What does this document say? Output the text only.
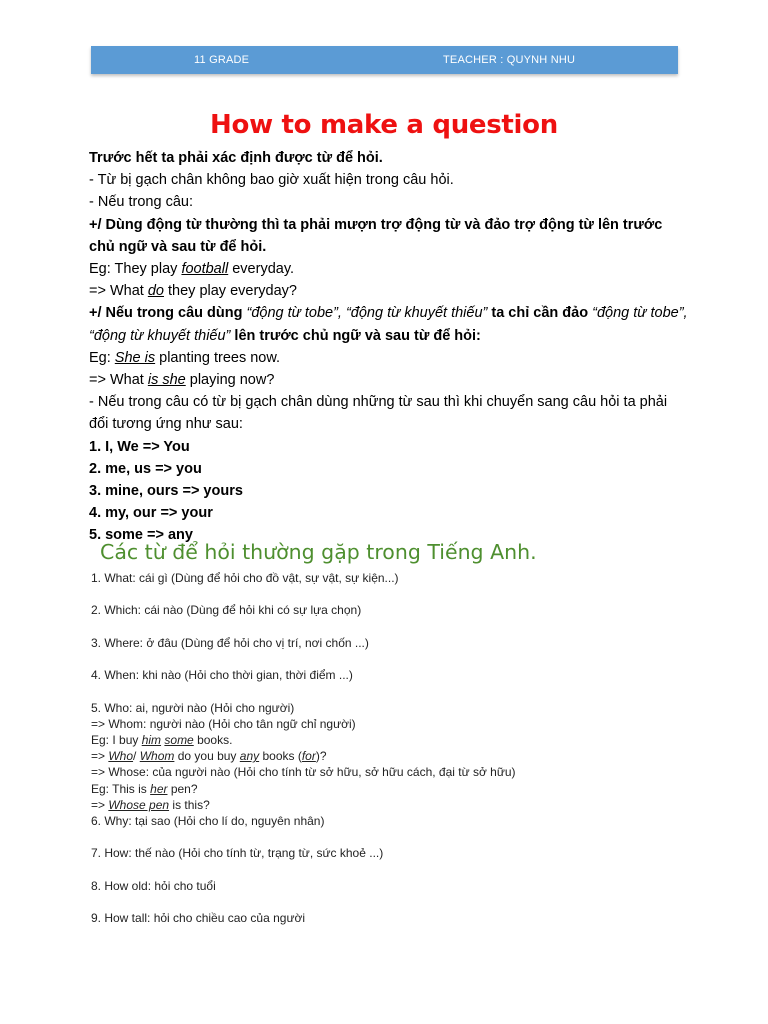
11 GRADE	TEACHER : QUYNH NHU
How to make a question

Trước hết ta phải xác định được từ để hỏi.

- Từ bị gạch chân không bao giờ xuất hiện trong câu hỏi.

- Nếu trong câu:

+/ Dùng động từ thường thì ta phải mượn trợ động từ và đảo trợ động từ lên trước chủ ngữ và sau từ để hỏi.

Eg: They play football everyday.

=> What do they play everyday?

+/ Nếu trong câu dùng “động từ tobe”, “động từ khuyết thiếu” ta chỉ cần đảo “động từ tobe”, “động từ khuyết thiếu” lên trước chủ ngữ và sau từ để hỏi:

Eg: She is planting trees now.

=> What is she playing now?

- Nếu trong câu có từ bị gạch chân dùng những từ sau thì khi chuyển sang câu hỏi ta phải đổi tương ứng như sau:

1. I, We => You

2. me, us => you

3. mine, ours => yours

4. my, our => your

5. some => any

Các từ để hỏi thường gặp trong Tiếng Anh.

1. What: cái gì (Dùng để hỏi cho đồ vật, sự vật, sự kiện...)

2. Which: cái nào (Dùng để hỏi khi có sự lựa chọn)

3. Where: ở đâu (Dùng để hỏi cho vị trí, nơi chốn ...)

4. When: khi nào (Hỏi cho thời gian, thời điểm ...)

5. Who: ai, người nào (Hỏi cho người)

=> Whom: người nào (Hỏi cho tân ngữ chỉ người)

Eg: I buy him some books.

=> Who/ Whom do you buy any books (for)?

=> Whose: của người nào (Hỏi cho tính từ sở hữu, sở hữu cách, đại từ sở hữu)

Eg: This is her pen?

=> Whose pen is this?

6. Why: tại sao (Hỏi cho lí do, nguyên nhân)

7. How: thế nào (Hỏi cho tính từ, trạng từ, sức khoẻ ...)

8. How old: hỏi cho tuổi

9. How tall: hỏi cho chiều cao của người
